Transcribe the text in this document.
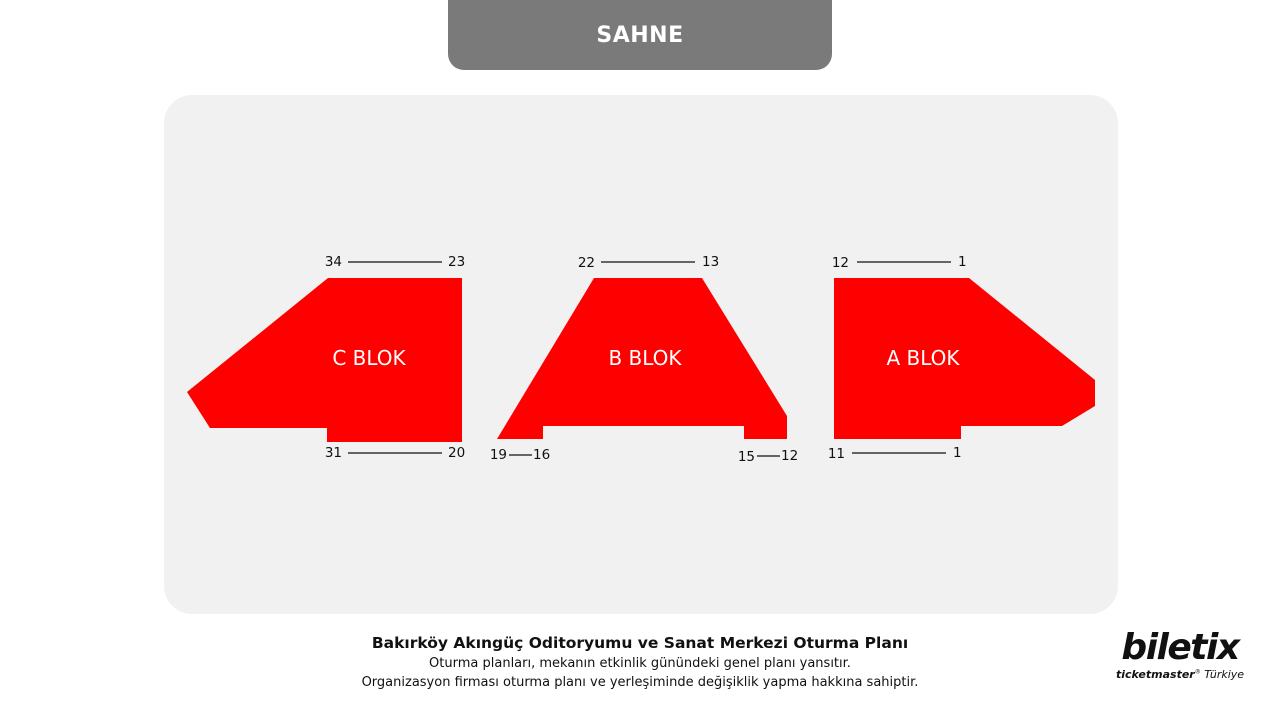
SAHNE
C BLOK
34	23
31	20
B BLOK
22	13
19 16	15 12
A BLOK
12	1
11	1
Bakırköy Akıngüç Oditoryumu ve Sanat Merkezi Oturma Planı
Oturma planları, mekanın etkinlik günündeki genel planı yansıtır.
Organizasyon firması oturma planı ve yerleşiminde değişiklik yapma hakkına sahiptir.
biletix
ticketmaster® Türkiye
